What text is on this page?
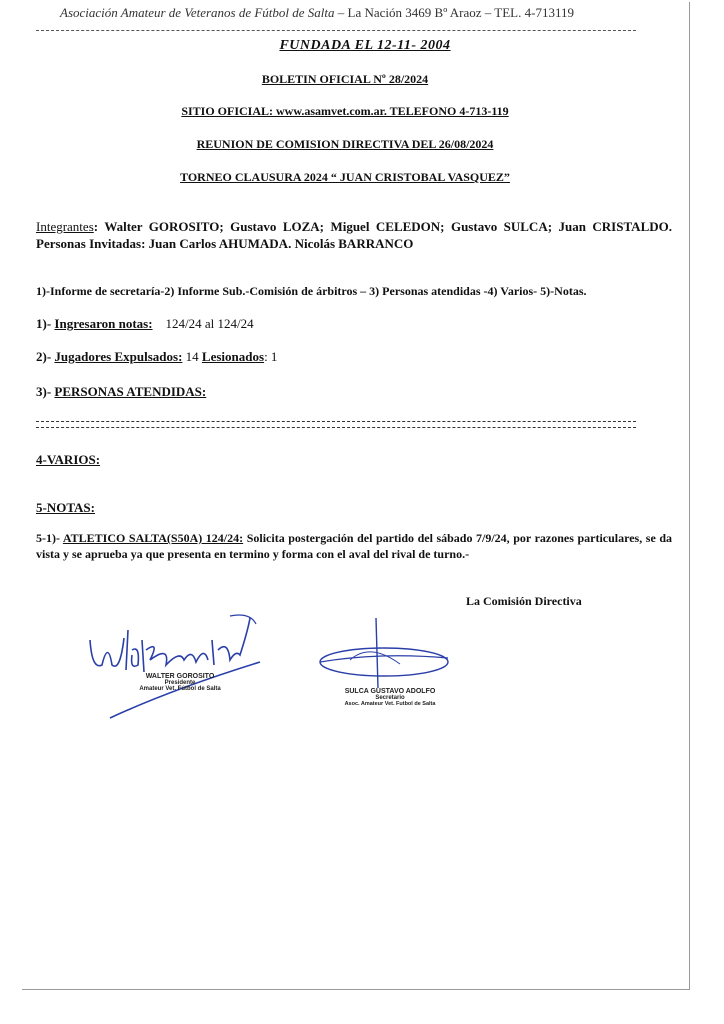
Asociación Amateur de Veteranos de Fútbol de Salta – La Nación 3469 Bº Araoz – TEL. 4-713119
FUNDADA EL 12-11- 2004
BOLETIN OFICIAL Nº 28/2024
SITIO OFICIAL: www.asamvet.com.ar. TELEFONO 4-713-119
REUNION DE COMISION DIRECTIVA DEL 26/08/2024
TORNEO CLAUSURA 2024 “ JUAN CRISTOBAL VASQUEZ”
Integrantes: Walter GOROSITO; Gustavo LOZA; Miguel CELEDON; Gustavo SULCA; Juan CRISTALDO. Personas Invitadas: Juan Carlos AHUMADA. Nicolás BARRANCO
1)-Informe de secretaría-2) Informe Sub.-Comisión de árbitros – 3) Personas atendidas -4) Varios- 5)-Notas.
1)- Ingresaron notas: 124/24 al 124/24
2)- Jugadores Expulsados: 14 Lesionados: 1
3)- PERSONAS ATENDIDAS:
4-VARIOS:
5-NOTAS:
5-1)- ATLETICO SALTA(S50A) 124/24: Solicita postergación del partido del sábado 7/9/24, por razones particulares, se da vista y se aprueba ya que presenta en termino y forma con el aval del rival de turno.-
La Comisión Directiva
WALTER GOROSITO
Presidente
Amateur Vet. Fútbol de Salta	SULCA GUSTAVO ADOLFO
Secretario
Asoc. Amateur Vet. Futbol de Salta
